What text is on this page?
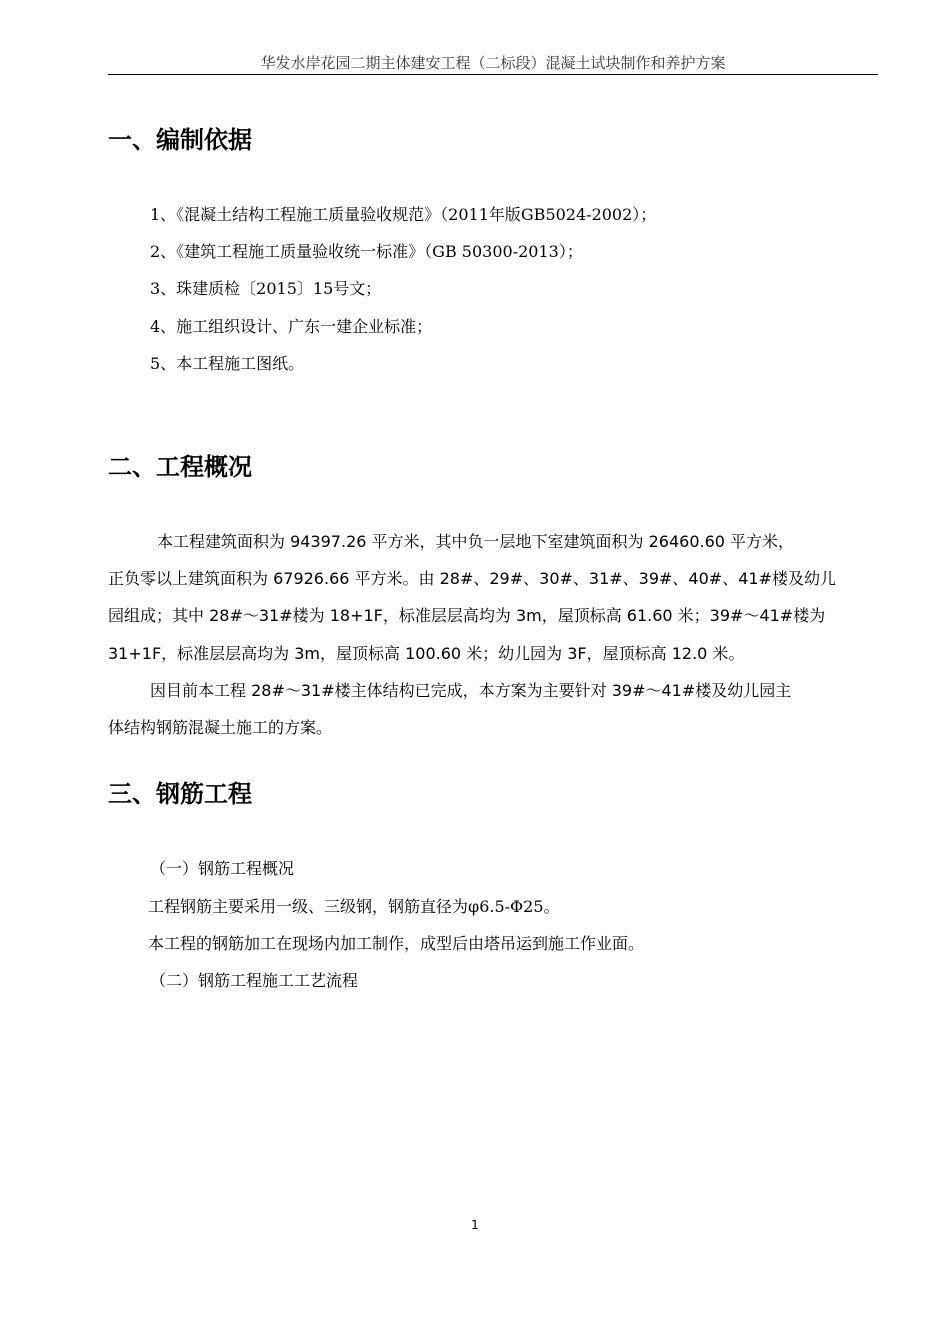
华发水岸花园二期主体建安工程（二标段）混凝土试块制作和养护方案
一、编制依据
1、《混凝土结构工程施工质量验收规范》（2011年版GB5024-2002）；
2、《建筑工程施工质量验收统一标准》（GB 50300-2013）；
3、珠建质检〔2015〕15号文；
4、施工组织设计、广东一建企业标准；
5、本工程施工图纸。
二、工程概况
本工程建筑面积为 94397.26 平方米，其中负一层地下室建筑面积为 26460.60 平方米，
正负零以上建筑面积为 67926.66 平方米。由 28#、29#、30#、31#、39#、40#、41#楼及幼儿
园组成；其中 28#～31#楼为 18+1F，标准层层高均为 3m，屋顶标高 61.60 米；39#～41#楼为
31+1F，标准层层高均为 3m，屋顶标高 100.60 米；幼儿园为 3F，屋顶标高 12.0 米。
因目前本工程 28#～31#楼主体结构已完成，本方案为主要针对 39#～41#楼及幼儿园主
体结构钢筋混凝土施工的方案。
三、钢筋工程
（一）钢筋工程概况
工程钢筋主要采用一级、三级钢，钢筋直径为φ6.5-Φ25。
本工程的钢筋加工在现场内加工制作，成型后由塔吊运到施工作业面。
（二）钢筋工程施工工艺流程
1
